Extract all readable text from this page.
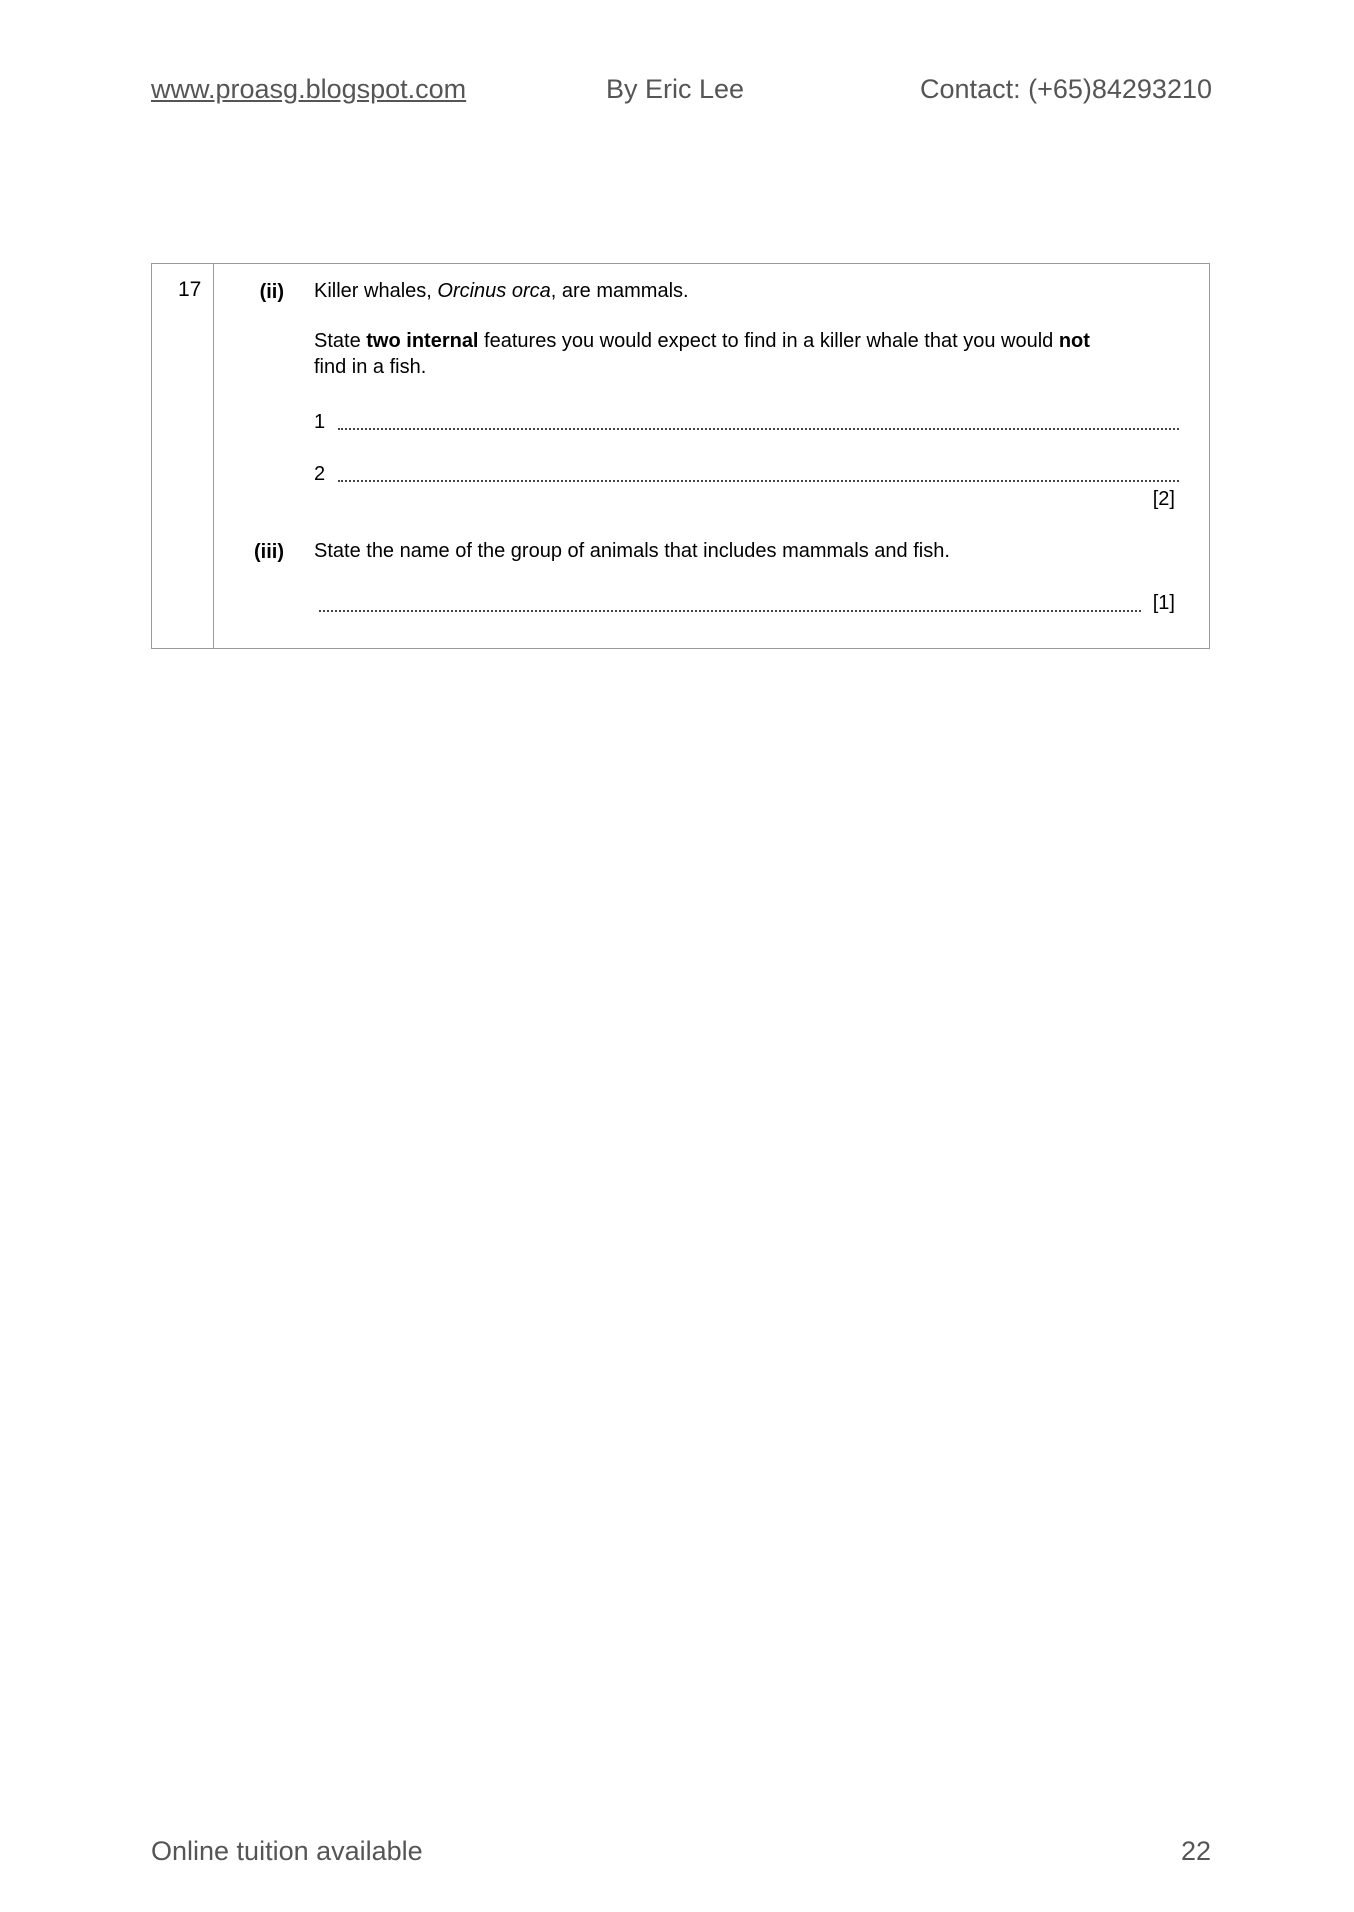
www.proasg.blogspot.com	By Eric Lee	Contact: (+65)84293210
17	(ii) Killer whales, Orcinus orca, are mammals.
State two internal features you would expect to find in a killer whale that you would not
find in a fish.
1
2
[2]
(iii) State the name of the group of animals that includes mammals and fish.
[1]
Online tuition available	22
